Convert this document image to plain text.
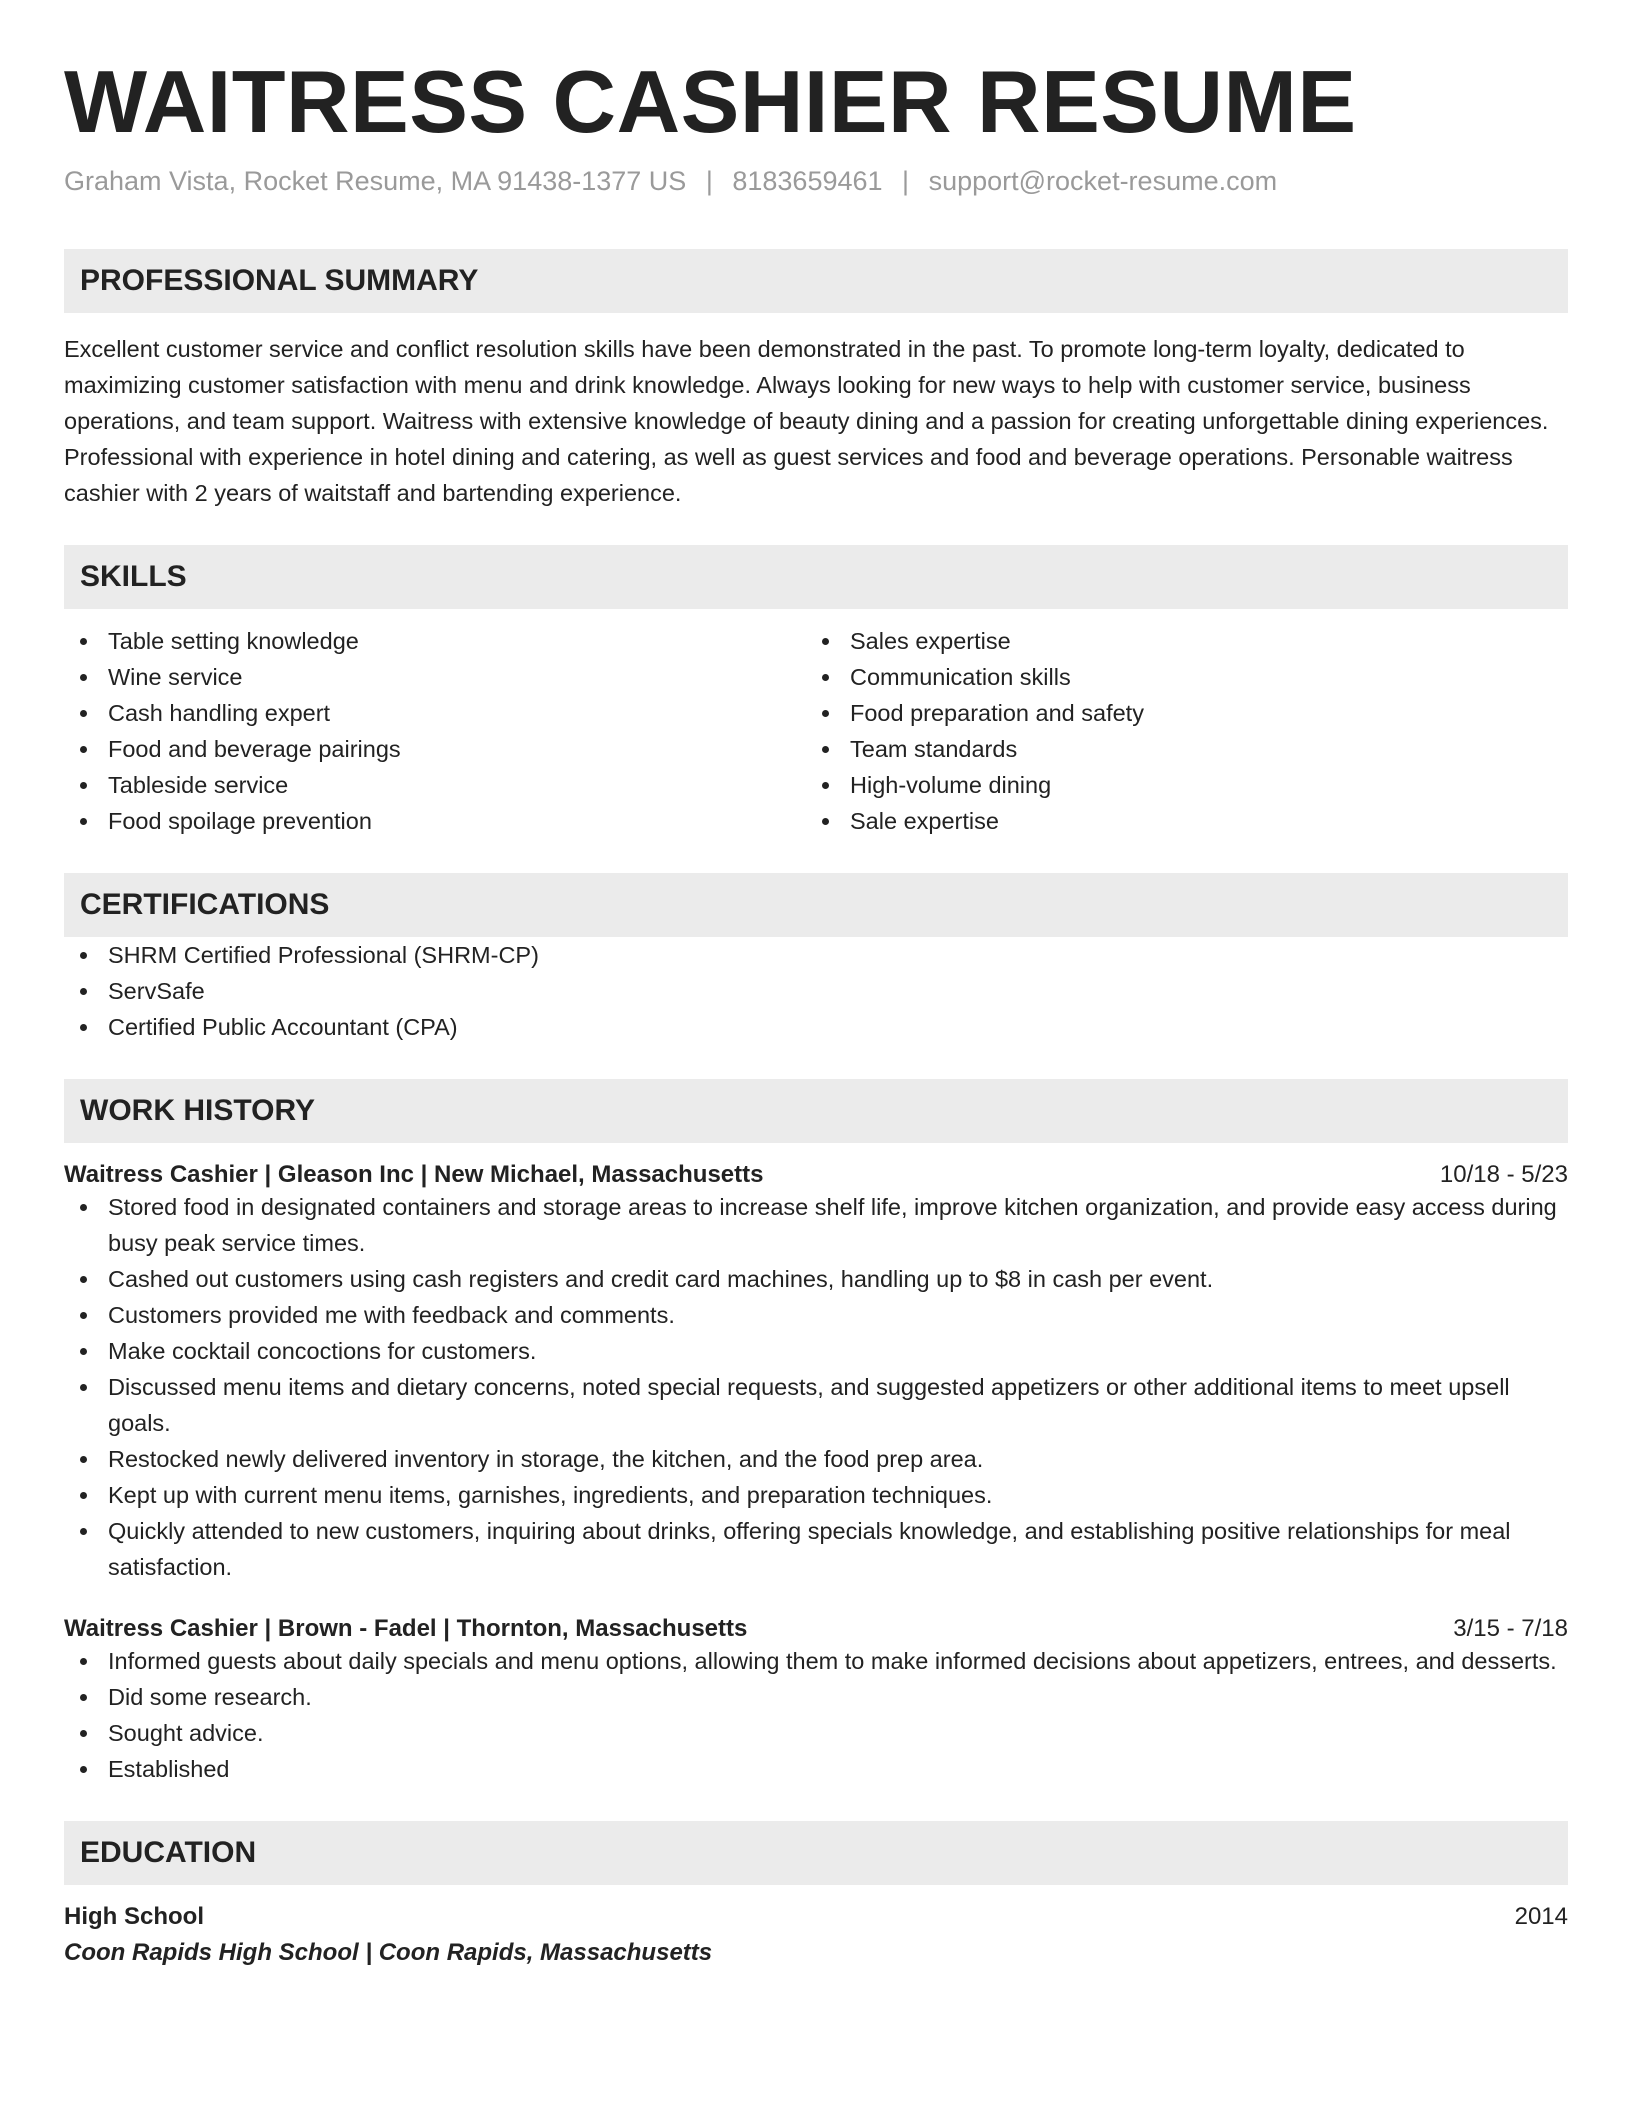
WAITRESS CASHIER RESUME
Graham Vista, Rocket Resume, MA 91438-1377 US | 8183659461 | support@rocket-resume.com
PROFESSIONAL SUMMARY
Excellent customer service and conflict resolution skills have been demonstrated in the past. To promote long-term loyalty, dedicated to maximizing customer satisfaction with menu and drink knowledge. Always looking for new ways to help with customer service, business operations, and team support. Waitress with extensive knowledge of beauty dining and a passion for creating unforgettable dining experiences. Professional with experience in hotel dining and catering, as well as guest services and food and beverage operations. Personable waitress cashier with 2 years of waitstaff and bartending experience.
SKILLS
Table setting knowledge
Wine service
Cash handling expert
Food and beverage pairings
Tableside service
Food spoilage prevention
Sales expertise
Communication skills
Food preparation and safety
Team standards
High-volume dining
Sale expertise
CERTIFICATIONS
SHRM Certified Professional (SHRM-CP)
ServSafe
Certified Public Accountant (CPA)
WORK HISTORY
Waitress Cashier | Gleason Inc | New Michael, Massachusetts	10/18 - 5/23
Stored food in designated containers and storage areas to increase shelf life, improve kitchen organization, and provide easy access during busy peak service times.
Cashed out customers using cash registers and credit card machines, handling up to $8 in cash per event.
Customers provided me with feedback and comments.
Make cocktail concoctions for customers.
Discussed menu items and dietary concerns, noted special requests, and suggested appetizers or other additional items to meet upsell goals.
Restocked newly delivered inventory in storage, the kitchen, and the food prep area.
Kept up with current menu items, garnishes, ingredients, and preparation techniques.
Quickly attended to new customers, inquiring about drinks, offering specials knowledge, and establishing positive relationships for meal satisfaction.
Waitress Cashier | Brown - Fadel | Thornton, Massachusetts	3/15 - 7/18
Informed guests about daily specials and menu options, allowing them to make informed decisions about appetizers, entrees, and desserts.
Did some research.
Sought advice.
Established
EDUCATION
High School	2014
Coon Rapids High School | Coon Rapids, Massachusetts
